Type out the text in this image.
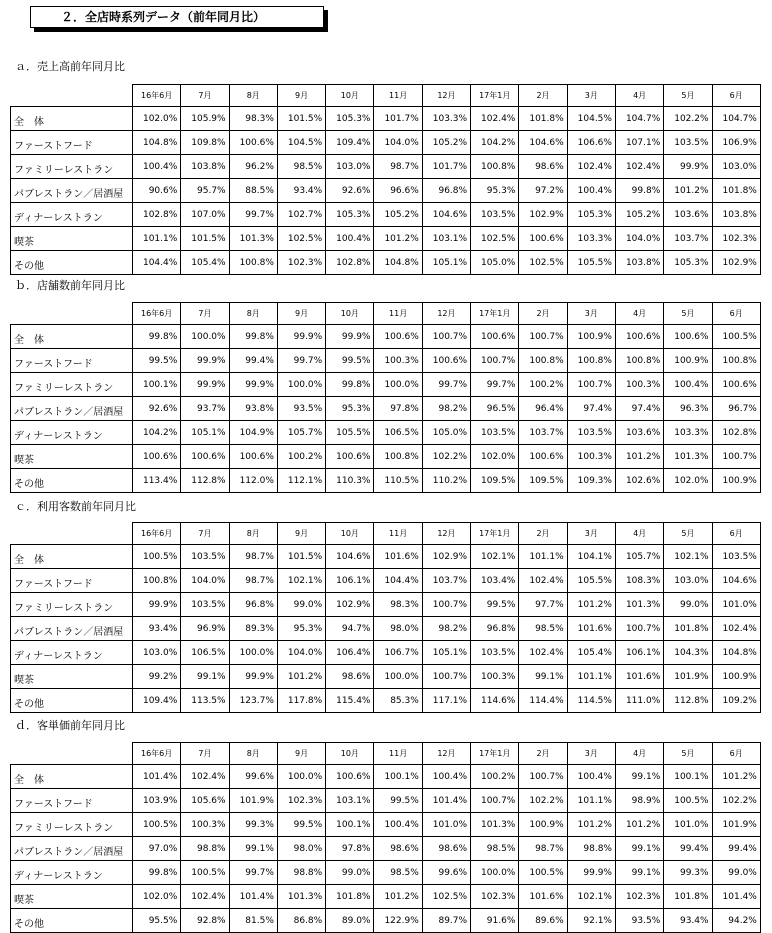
２．全店時系列データ（前年同月比）
ａ．売上高前年同月比
	16年6月	7月	8月	9月	10月	11月	12月	17年1月	2月	3月	4月	5月	6月
全　体	102.0%	105.9%	98.3%	101.5%	105.3%	101.7%	103.3%	102.4%	101.8%	104.5%	104.7%	102.2%	104.7%
ファーストフード	104.8%	109.8%	100.6%	104.5%	109.4%	104.0%	105.2%	104.2%	104.6%	106.6%	107.1%	103.5%	106.9%
ファミリーレストラン	100.4%	103.8%	96.2%	98.5%	103.0%	98.7%	101.7%	100.8%	98.6%	102.4%	102.4%	99.9%	103.0%
パブレストラン／居酒屋	90.6%	95.7%	88.5%	93.4%	92.6%	96.6%	96.8%	95.3%	97.2%	100.4%	99.8%	101.2%	101.8%
ディナーレストラン	102.8%	107.0%	99.7%	102.7%	105.3%	105.2%	104.6%	103.5%	102.9%	105.3%	105.2%	103.6%	103.8%
喫茶	101.1%	101.5%	101.3%	102.5%	100.4%	101.2%	103.1%	102.5%	100.6%	103.3%	104.0%	103.7%	102.3%
その他	104.4%	105.4%	100.8%	102.3%	102.8%	104.8%	105.1%	105.0%	102.5%	105.5%	103.8%	105.3%	102.9%
ｂ．店舗数前年同月比
	16年6月	7月	8月	9月	10月	11月	12月	17年1月	2月	3月	4月	5月	6月
全　体	99.8%	100.0%	99.8%	99.9%	99.9%	100.6%	100.7%	100.6%	100.7%	100.9%	100.6%	100.6%	100.5%
ファーストフード	99.5%	99.9%	99.4%	99.7%	99.5%	100.3%	100.6%	100.7%	100.8%	100.8%	100.8%	100.9%	100.8%
ファミリーレストラン	100.1%	99.9%	99.9%	100.0%	99.8%	100.0%	99.7%	99.7%	100.2%	100.7%	100.3%	100.4%	100.6%
パブレストラン／居酒屋	92.6%	93.7%	93.8%	93.5%	95.3%	97.8%	98.2%	96.5%	96.4%	97.4%	97.4%	96.3%	96.7%
ディナーレストラン	104.2%	105.1%	104.9%	105.7%	105.5%	106.5%	105.0%	103.5%	103.7%	103.5%	103.6%	103.3%	102.8%
喫茶	100.6%	100.6%	100.6%	100.2%	100.6%	100.8%	102.2%	102.0%	100.6%	100.3%	101.2%	101.3%	100.7%
その他	113.4%	112.8%	112.0%	112.1%	110.3%	110.5%	110.2%	109.5%	109.5%	109.3%	102.6%	102.0%	100.9%
ｃ．利用客数前年同月比
	16年6月	7月	8月	9月	10月	11月	12月	17年1月	2月	3月	4月	5月	6月
全　体	100.5%	103.5%	98.7%	101.5%	104.6%	101.6%	102.9%	102.1%	101.1%	104.1%	105.7%	102.1%	103.5%
ファーストフード	100.8%	104.0%	98.7%	102.1%	106.1%	104.4%	103.7%	103.4%	102.4%	105.5%	108.3%	103.0%	104.6%
ファミリーレストラン	99.9%	103.5%	96.8%	99.0%	102.9%	98.3%	100.7%	99.5%	97.7%	101.2%	101.3%	99.0%	101.0%
パブレストラン／居酒屋	93.4%	96.9%	89.3%	95.3%	94.7%	98.0%	98.2%	96.8%	98.5%	101.6%	100.7%	101.8%	102.4%
ディナーレストラン	103.0%	106.5%	100.0%	104.0%	106.4%	106.7%	105.1%	103.5%	102.4%	105.4%	106.1%	104.3%	104.8%
喫茶	99.2%	99.1%	99.9%	101.2%	98.6%	100.0%	100.7%	100.3%	99.1%	101.1%	101.6%	101.9%	100.9%
その他	109.4%	113.5%	123.7%	117.8%	115.4%	85.3%	117.1%	114.6%	114.4%	114.5%	111.0%	112.8%	109.2%
ｄ．客単価前年同月比
	16年6月	7月	8月	9月	10月	11月	12月	17年1月	2月	3月	4月	5月	6月
全　体	101.4%	102.4%	99.6%	100.0%	100.6%	100.1%	100.4%	100.2%	100.7%	100.4%	99.1%	100.1%	101.2%
ファーストフード	103.9%	105.6%	101.9%	102.3%	103.1%	99.5%	101.4%	100.7%	102.2%	101.1%	98.9%	100.5%	102.2%
ファミリーレストラン	100.5%	100.3%	99.3%	99.5%	100.1%	100.4%	101.0%	101.3%	100.9%	101.2%	101.2%	101.0%	101.9%
パブレストラン／居酒屋	97.0%	98.8%	99.1%	98.0%	97.8%	98.6%	98.6%	98.5%	98.7%	98.8%	99.1%	99.4%	99.4%
ディナーレストラン	99.8%	100.5%	99.7%	98.8%	99.0%	98.5%	99.6%	100.0%	100.5%	99.9%	99.1%	99.3%	99.0%
喫茶	102.0%	102.4%	101.4%	101.3%	101.8%	101.2%	102.5%	102.3%	101.6%	102.1%	102.3%	101.8%	101.4%
その他	95.5%	92.8%	81.5%	86.8%	89.0%	122.9%	89.7%	91.6%	89.6%	92.1%	93.5%	93.4%	94.2%
